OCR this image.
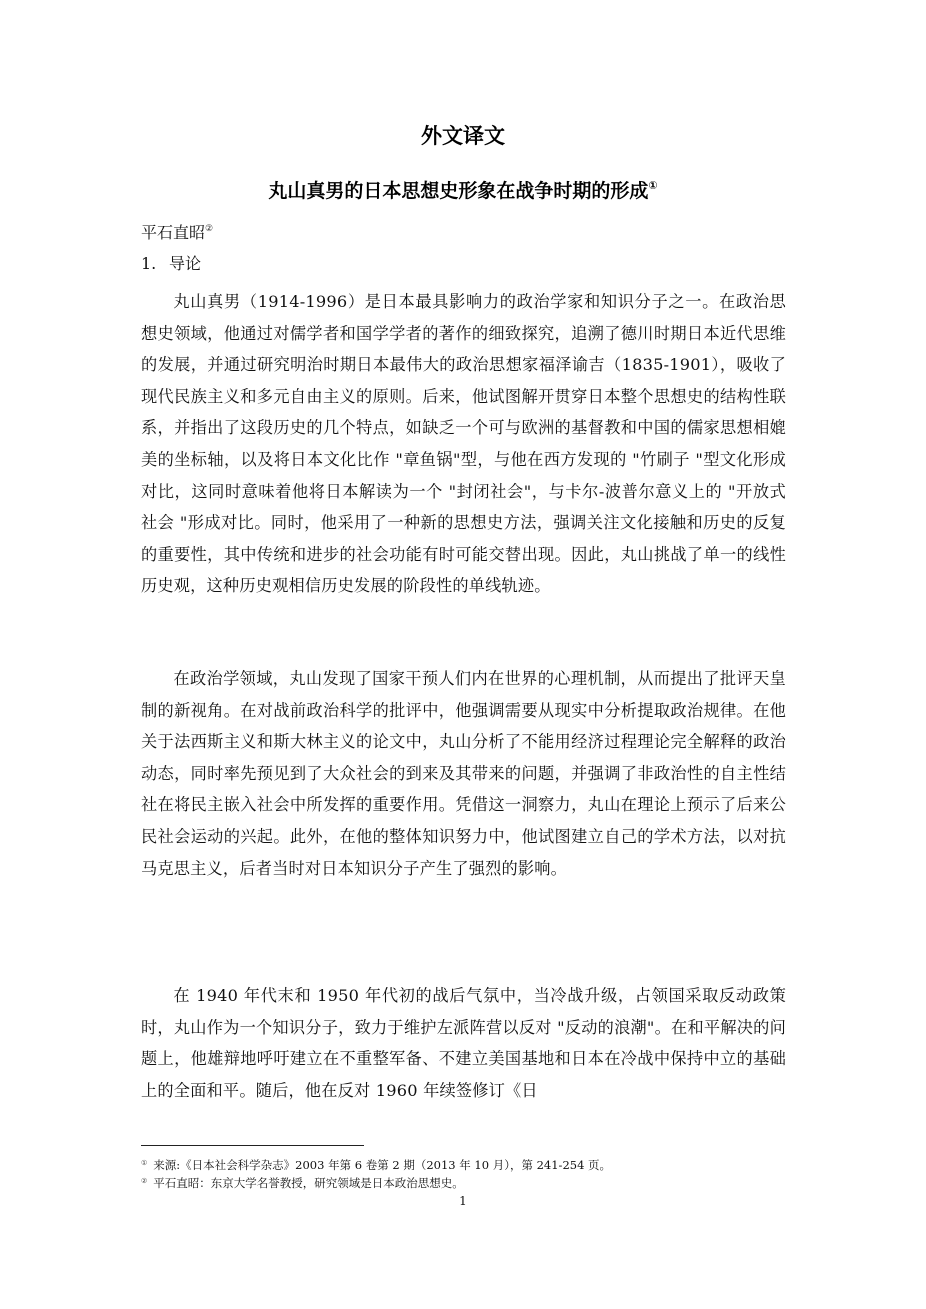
外文译文
丸山真男的日本思想史形象在战争时期的形成①

平石直昭②

1. 导论

丸山真男（1914-1996）是日本最具影响力的政治学家和知识分子之一。在政治思想史领域，他通过对儒学者和国学学者的著作的细致探究，追溯了德川时期日本近代思维的发展，并通过研究明治时期日本最伟大的政治思想家福泽谕吉（1835-1901），吸收了现代民族主义和多元自由主义的原则。后来，他试图解开贯穿日本整个思想史的结构性联系，并指出了这段历史的几个特点，如缺乏一个可与欧洲的基督教和中国的儒家思想相媲美的坐标轴，以及将日本文化比作 "章鱼锅"型，与他在西方发现的 "竹刷子 "型文化形成对比，这同时意味着他将日本解读为一个 "封闭社会"，与卡尔-波普尔意义上的 "开放式社会 "形成对比。同时，他采用了一种新的思想史方法，强调关注文化接触和历史的反复的重要性，其中传统和进步的社会功能有时可能交替出现。因此，丸山挑战了单一的线性历史观，这种历史观相信历史发展的阶段性的单线轨迹。

在政治学领域，丸山发现了国家干预人们内在世界的心理机制，从而提出了批评天皇制的新视角。在对战前政治科学的批评中，他强调需要从现实中分析提取政治规律。在他关于法西斯主义和斯大林主义的论文中，丸山分析了不能用经济过程理论完全解释的政治动态，同时率先预见到了大众社会的到来及其带来的问题，并强调了非政治性的自主性结社在将民主嵌入社会中所发挥的重要作用。凭借这一洞察力，丸山在理论上预示了后来公民社会运动的兴起。此外，在他的整体知识努力中，他试图建立自己的学术方法，以对抗马克思主义，后者当时对日本知识分子产生了强烈的影响。

在 1940 年代末和 1950 年代初的战后气氛中，当冷战升级，占领国采取反动政策时，丸山作为一个知识分子，致力于维护左派阵营以反对 "反动的浪潮"。在和平解决的问题上，他雄辩地呼吁建立在不重整军备、不建立美国基地和日本在冷战中保持中立的基础上的全面和平。随后，他在反对 1960 年续签修订《日

① 来源:《日本社会科学杂志》2003 年第 6 卷第 2 期（2013 年 10 月），第 241-254 页。

② 平石直昭：东京大学名誉教授，研究领域是日本政治思想史。

1
